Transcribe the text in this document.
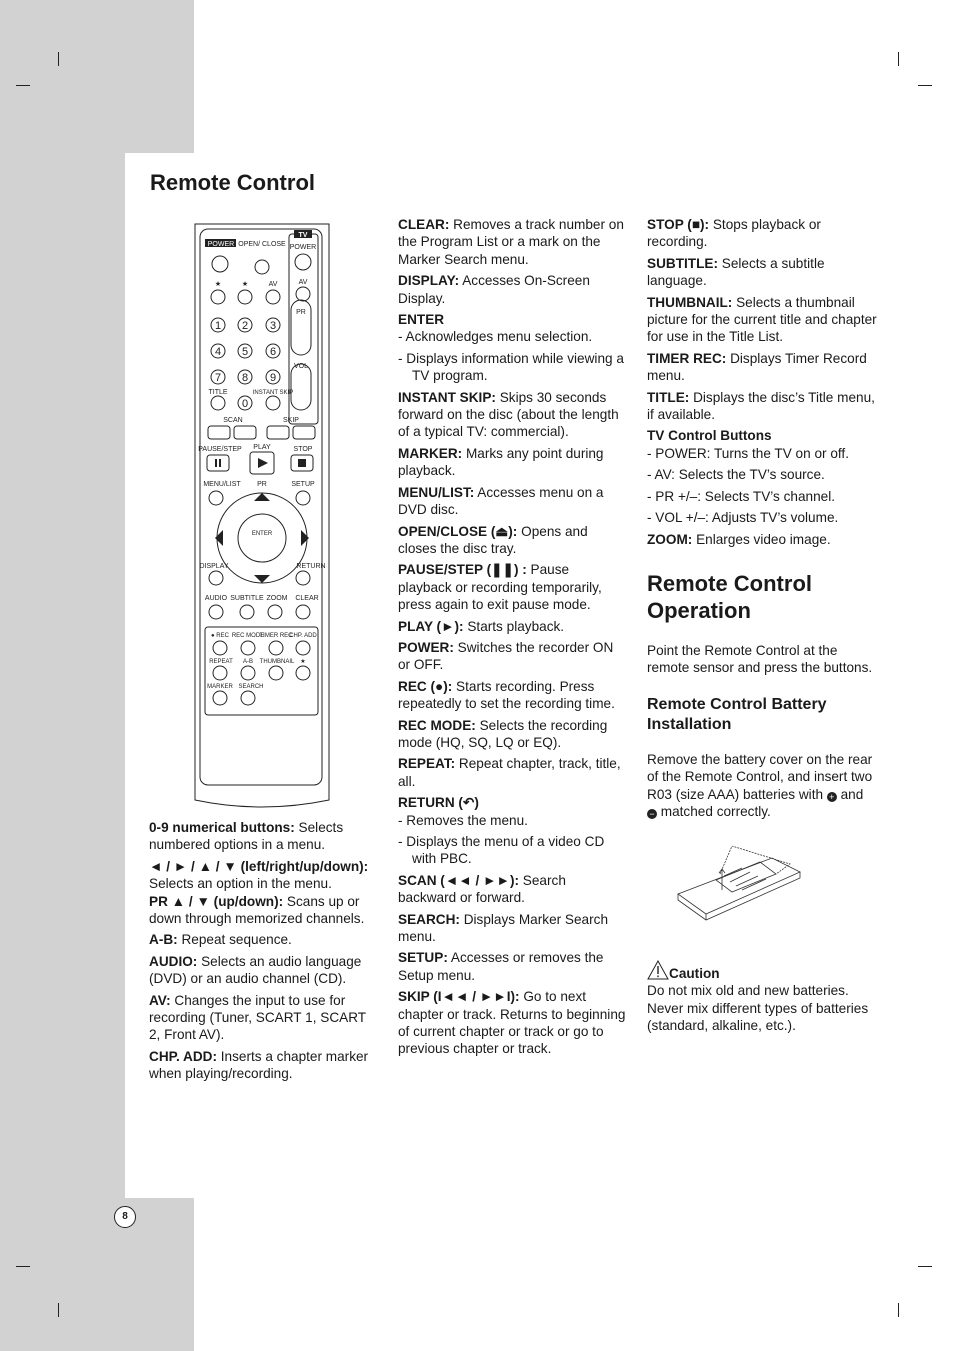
Remote Control
TV
POWER OPEN/ CLOSE POWER
★	★	AV	AV
PR
VOL
1 2 3
4 5 6
7 8 9
0
TITLE	INSTANT SKIP
SCAN	SKIP
PAUSE/STEP PLAY	STOP
MENU/LIST PR	SETUP
ENTER
DISPLAY	RETURN
AUDIO SUBTITLE ZOOM CLEAR
● REC REC MODE
TIMER REC
CHP. ADD
REPEAT A-B THUMBNAIL ★
MARKER SEARCH

0-9 numerical buttons: Selects numbered options in a menu.

◄ / ► / ▲ / ▼ (left/right/up/down): Selects an option in the menu.

PR ▲ / ▼ (up/down): Scans up or down through memorized channels.

A-B: Repeat sequence.

AUDIO: Selects an audio language (DVD) or an audio channel (CD).

AV: Changes the input to use for recording (Tuner, SCART 1, SCART 2, Front AV).

CHP. ADD: Inserts a chapter marker when playing/recording.

CLEAR: Removes a track number on the Program List or a mark on the Marker Search menu.

DISPLAY: Accesses On-Screen Display.

ENTER

- Acknowledges menu selection.

- Displays information while viewing a TV program.

INSTANT SKIP: Skips 30 seconds forward on the disc (about the length of a typical TV: commercial).

MARKER: Marks any point during playback.

MENU/LIST: Accesses menu on a DVD disc.

OPEN/CLOSE (⏏): Opens and closes the disc tray.

PAUSE/STEP (❚❚) : Pause playback or recording temporarily, press again to exit pause mode.

PLAY (►): Starts playback.

POWER: Switches the recorder ON or OFF.

REC (●): Starts recording. Press repeatedly to set the recording time.

REC MODE: Selects the recording mode (HQ, SQ, LQ or EQ).

REPEAT: Repeat chapter, track, title, all.

RETURN (↶)

- Removes the menu.

- Displays the menu of a video CD with PBC.

SCAN (◄◄ / ►►): Search backward or forward.

SEARCH: Displays Marker Search menu.

SETUP: Accesses or removes the Setup menu.

SKIP (I◄◄ / ►►I): Go to next chapter or track. Returns to beginning of current chapter or track or go to previous chapter or track.

STOP (■): Stops playback or recording.

SUBTITLE: Selects a subtitle language.

THUMBNAIL: Selects a thumbnail picture for the current title and chapter for use in the Title List.

TIMER REC: Displays Timer Record menu.

TITLE: Displays the disc’s Title menu, if available.

TV Control Buttons

- POWER: Turns the TV on or off.

- AV: Selects the TV’s source.

- PR +/–: Selects TV’s channel.

- VOL +/–: Adjusts TV’s volume.

ZOOM: Enlarges video image.

Remote Control Operation

Point the Remote Control at the remote sensor and press the buttons.

Remote Control Battery Installation

Remove the battery cover on the rear of the Remote Control, and insert two R03 (size AAA) batteries with + and − matched correctly.

Caution

Do not mix old and new batteries. Never mix different types of batteries (standard, alkaline, etc.).

8
